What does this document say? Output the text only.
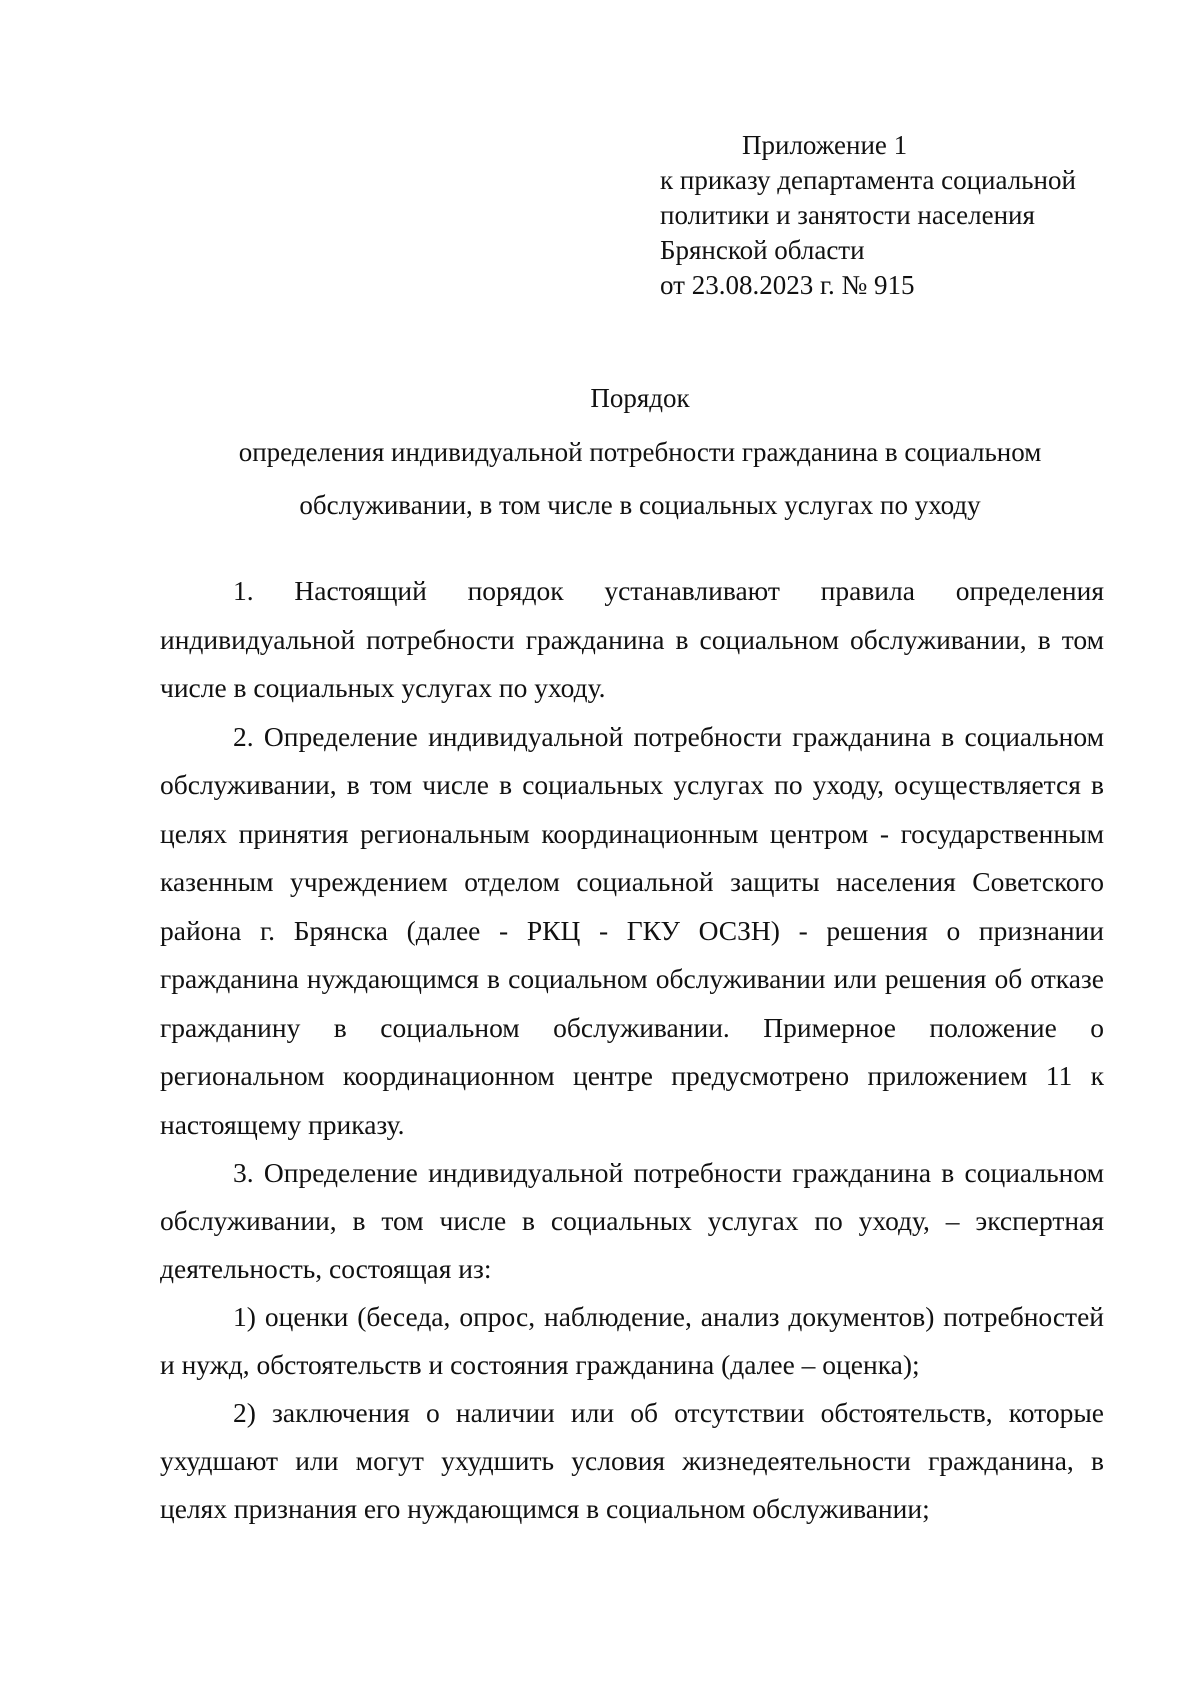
Приложение 1
к приказу департамента социальной
политики и занятости населения
Брянской области
от 23.08.2023 г. № 915
Порядок
определения индивидуальной потребности гражданина в социальном обслуживании, в том числе в социальных услугах по уходу

1. Настоящий порядок устанавливают правила определения индивидуальной потребности гражданина в социальном обслуживании, в том числе в социальных услугах по уходу.

2. Определение индивидуальной потребности гражданина в социальном обслуживании, в том числе в социальных услугах по уходу, осуществляется в целях принятия региональным координационным центром - государственным казенным учреждением отделом социальной защиты населения Советского района г. Брянска (далее - РКЦ - ГКУ ОСЗН) - решения о признании гражданина нуждающимся в социальном обслуживании или решения об отказе гражданину в социальном обслуживании. Примерное положение о региональном координационном центре предусмотрено приложением 11 к настоящему приказу.

3. Определение индивидуальной потребности гражданина в социальном обслуживании, в том числе в социальных услугах по уходу, – экспертная деятельность, состоящая из:

1) оценки (беседа, опрос, наблюдение, анализ документов) потребностей и нужд, обстоятельств и состояния гражданина (далее – оценка);

2) заключения о наличии или об отсутствии обстоятельств, которые ухудшают или могут ухудшить условия жизнедеятельности гражданина, в целях признания его нуждающимся в социальном обслуживании;
